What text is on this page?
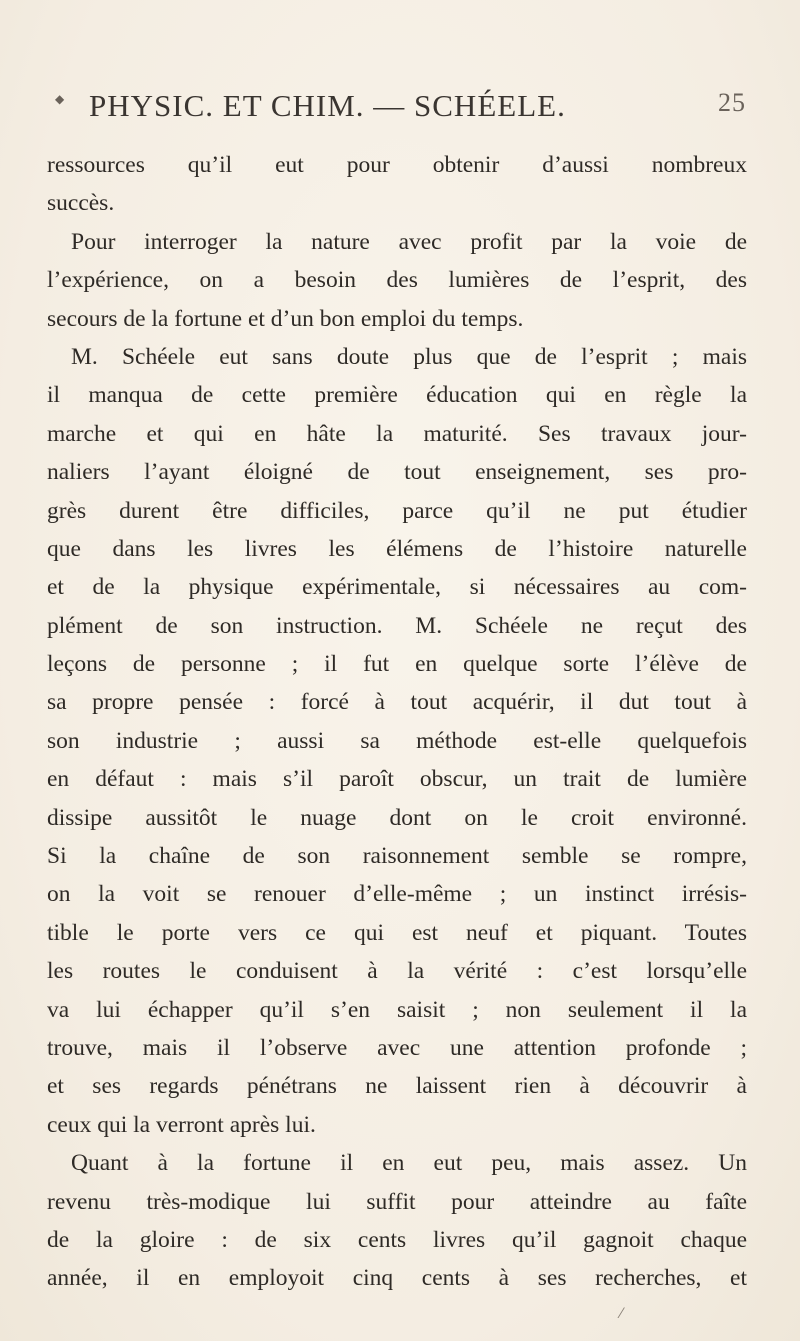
◆ PHYSIC. ET CHIM. — SCHÉELE.	25
ressources qu’il eut pour obtenir d’aussi nombreux
succès.
Pour interroger la nature avec profit par la voie de
l’expérience, on a besoin des lumières de l’esprit, des
secours de la fortune et d’un bon emploi du temps.
M. Schéele eut sans doute plus que de l’esprit ; mais
il manqua de cette première éducation qui en règle la
marche et qui en hâte la maturité. Ses travaux jour-
naliers l’ayant éloigné de tout enseignement, ses pro-
grès durent être difficiles, parce qu’il ne put étudier
que dans les livres les élémens de l’histoire naturelle
et de la physique expérimentale, si nécessaires au com-
plément de son instruction. M. Schéele ne reçut des
leçons de personne ; il fut en quelque sorte l’élève de
sa propre pensée : forcé à tout acquérir, il dut tout à
son industrie ; aussi sa méthode est-elle quelquefois
en défaut : mais s’il paroît obscur, un trait de lumière
dissipe aussitôt le nuage dont on le croit environné.
Si la chaîne de son raisonnement semble se rompre,
on la voit se renouer d’elle-même ; un instinct irrésis-
tible le porte vers ce qui est neuf et piquant. Toutes
les routes le conduisent à la vérité : c’est lorsqu’elle
va lui échapper qu’il s’en saisit ; non seulement il la
trouve, mais il l’observe avec une attention profonde ;
et ses regards pénétrans ne laissent rien à découvrir à
ceux qui la verront après lui.
Quant à la fortune il en eut peu, mais assez. Un
revenu très-modique lui suffit pour atteindre au faîte
de la gloire : de six cents livres qu’il gagnoit chaque
année, il en employoit cinq cents à ses recherches, et
⁄
